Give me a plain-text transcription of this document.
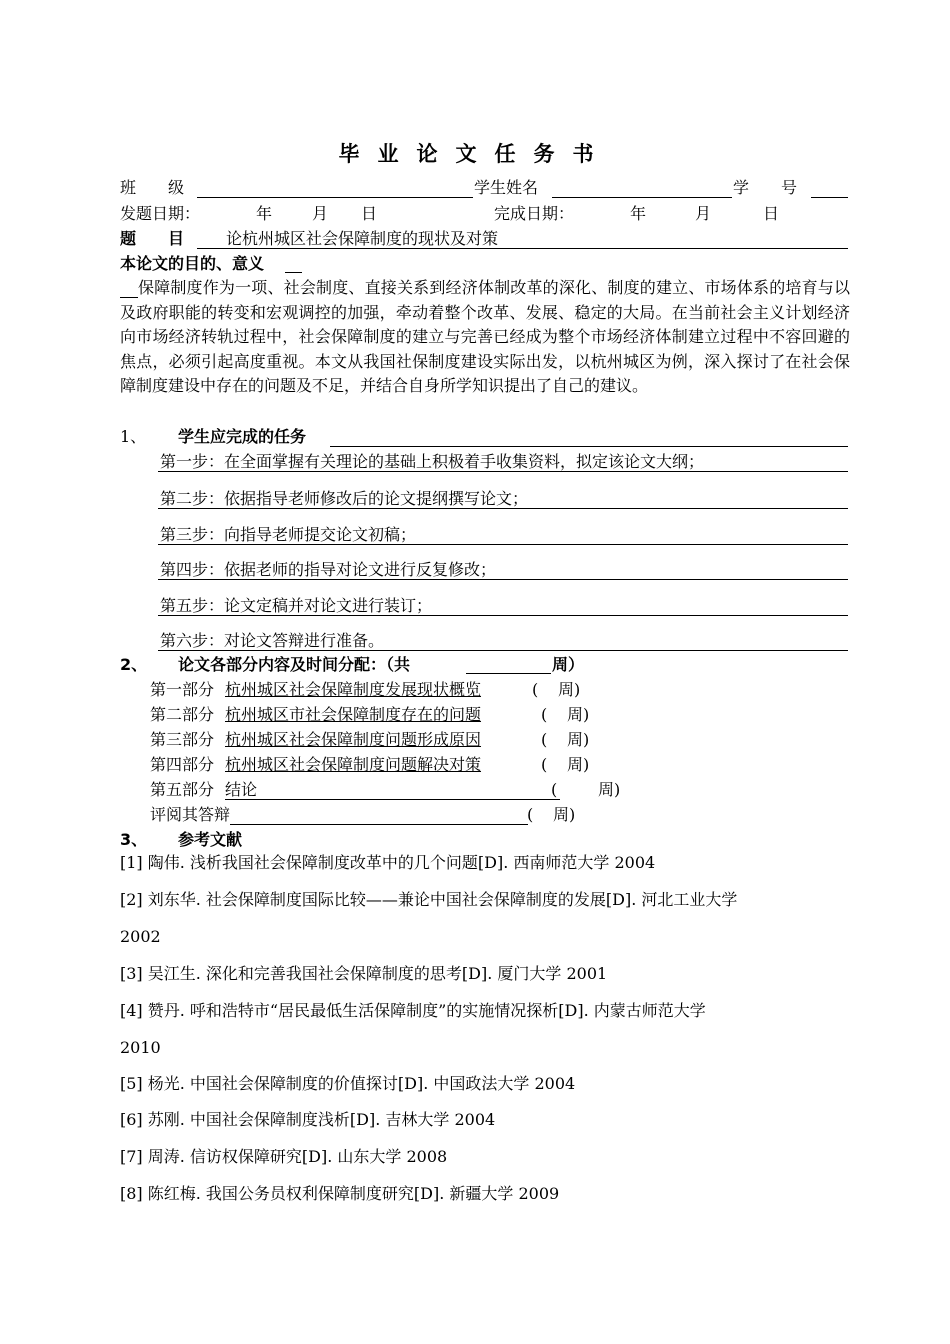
毕业论文任务书
班　　级	学生姓名	学　　号
发题日期：	年 月 日	完成日期：	年	月	日
题　　目	论杭州城区社会保障制度的现状及对策
本论文的目的、意义
保障制度作为一项、社会制度、直接关系到经济体制改革的深化、制度的建立、市场体系的培育与以及政府职能的转变和宏观调控的加强，牵动着整个改革、发展、稳定的大局。在当前社会主义计划经济向市场经济转轨过程中，社会保障制度的建立与完善已经成为整个市场经济体制建立过程中不容回避的焦点，必须引起高度重视。本文从我国社保制度建设实际出发，以杭州城区为例，深入探讨了在社会保障制度建设中存在的问题及不足，并结合自身所学知识提出了自己的建议。
1、 学生应完成的任务
第一步：在全面掌握有关理论的基础上积极着手收集资料，拟定该论文大纲；
第二步：依据指导老师修改后的论文提纲撰写论文；
第三步：向指导老师提交论文初稿；
第四步：依据老师的指导对论文进行反复修改；
第五步：论文定稿并对论文进行装订；
第六步：对论文答辩进行准备。
2、 论文各部分内容及时间分配：（共	周）
第一部分 杭州城区社会保障制度发展现状概览	( 周)
第二部分 杭州城区市社会保障制度存在的问题	( 周)
第三部分 杭州城区社会保障制度问题形成原因	( 周)
第四部分 杭州城区社会保障制度问题解决对策	( 周)
第五部分 结论	(	周)
评阅其答辩	( 周)
3、 参考文献
[1] 陶伟. 浅析我国社会保障制度改革中的几个问题[D]. 西南师范大学 2004
[2] 刘东华. 社会保障制度国际比较——兼论中国社会保障制度的发展[D]. 河北工业大学
2002
[3] 吴江生. 深化和完善我国社会保障制度的思考[D]. 厦门大学 2001
[4] 赞丹. 呼和浩特市“居民最低生活保障制度”的实施情况探析[D]. 内蒙古师范大学
2010
[5] 杨光. 中国社会保障制度的价值探讨[D]. 中国政法大学 2004
[6] 苏刚. 中国社会保障制度浅析[D]. 吉林大学 2004
[7] 周涛. 信访权保障研究[D]. 山东大学 2008
[8] 陈红梅. 我国公务员权利保障制度研究[D]. 新疆大学 2009
